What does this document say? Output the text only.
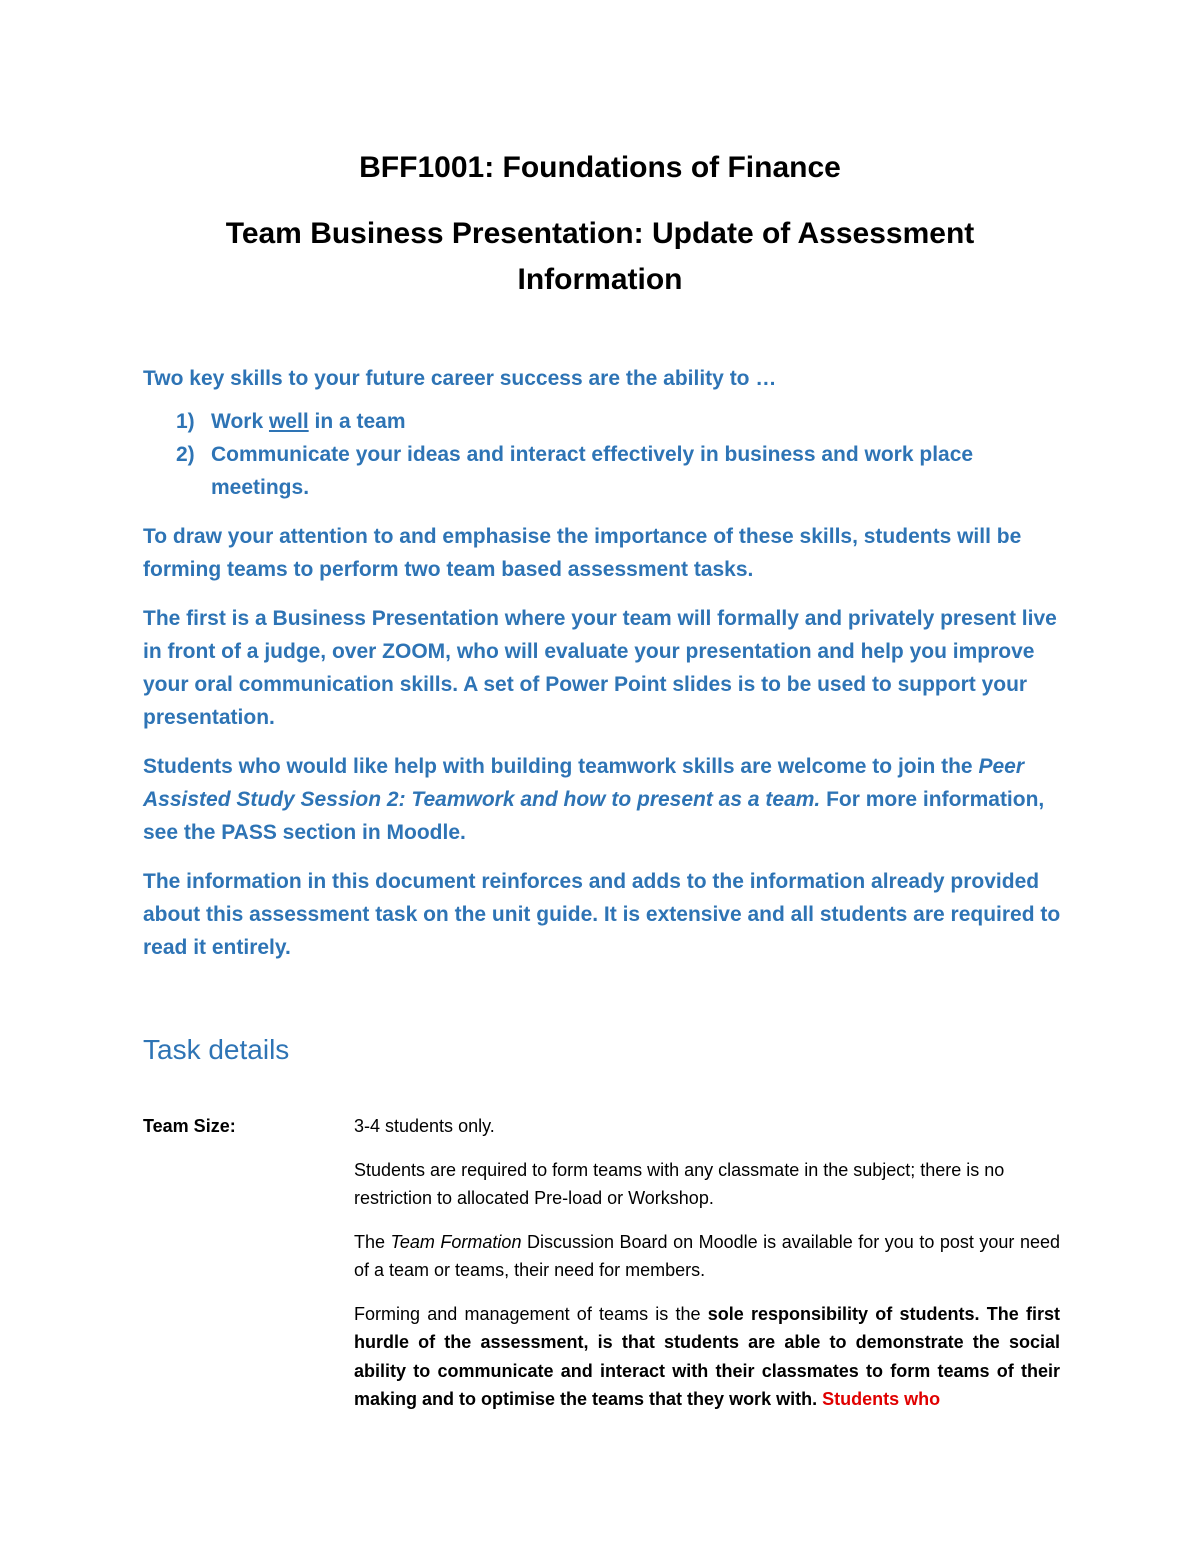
BFF1001: Foundations of Finance
Team Business Presentation: Update of Assessment Information

Two key skills to your future career success are the ability to …

1) Work well in a team
2) Communicate your ideas and interact effectively in business and work place meetings.

To draw your attention to and emphasise the importance of these skills, students will be forming teams to perform two team based assessment tasks.

The first is a Business Presentation where your team will formally and privately present live in front of a judge, over ZOOM, who will evaluate your presentation and help you improve your oral communication skills. A set of Power Point slides is to be used to support your presentation.

Students who would like help with building teamwork skills are welcome to join the Peer Assisted Study Session 2: Teamwork and how to present as a team. For more information, see the PASS section in Moodle.

The information in this document reinforces and adds to the information already provided about this assessment task on the unit guide. It is extensive and all students are required to read it entirely.

Task details
Team Size:	3-4 students only.

Students are required to form teams with any classmate in the subject; there is no restriction to allocated Pre-load or Workshop.

The Team Formation Discussion Board on Moodle is available for you to post your need of a team or teams, their need for members.

Forming and management of teams is the sole responsibility of students. The first hurdle of the assessment, is that students are able to demonstrate the social ability to communicate and interact with their classmates to form teams of their making and to optimise the teams that they work with. Students who
